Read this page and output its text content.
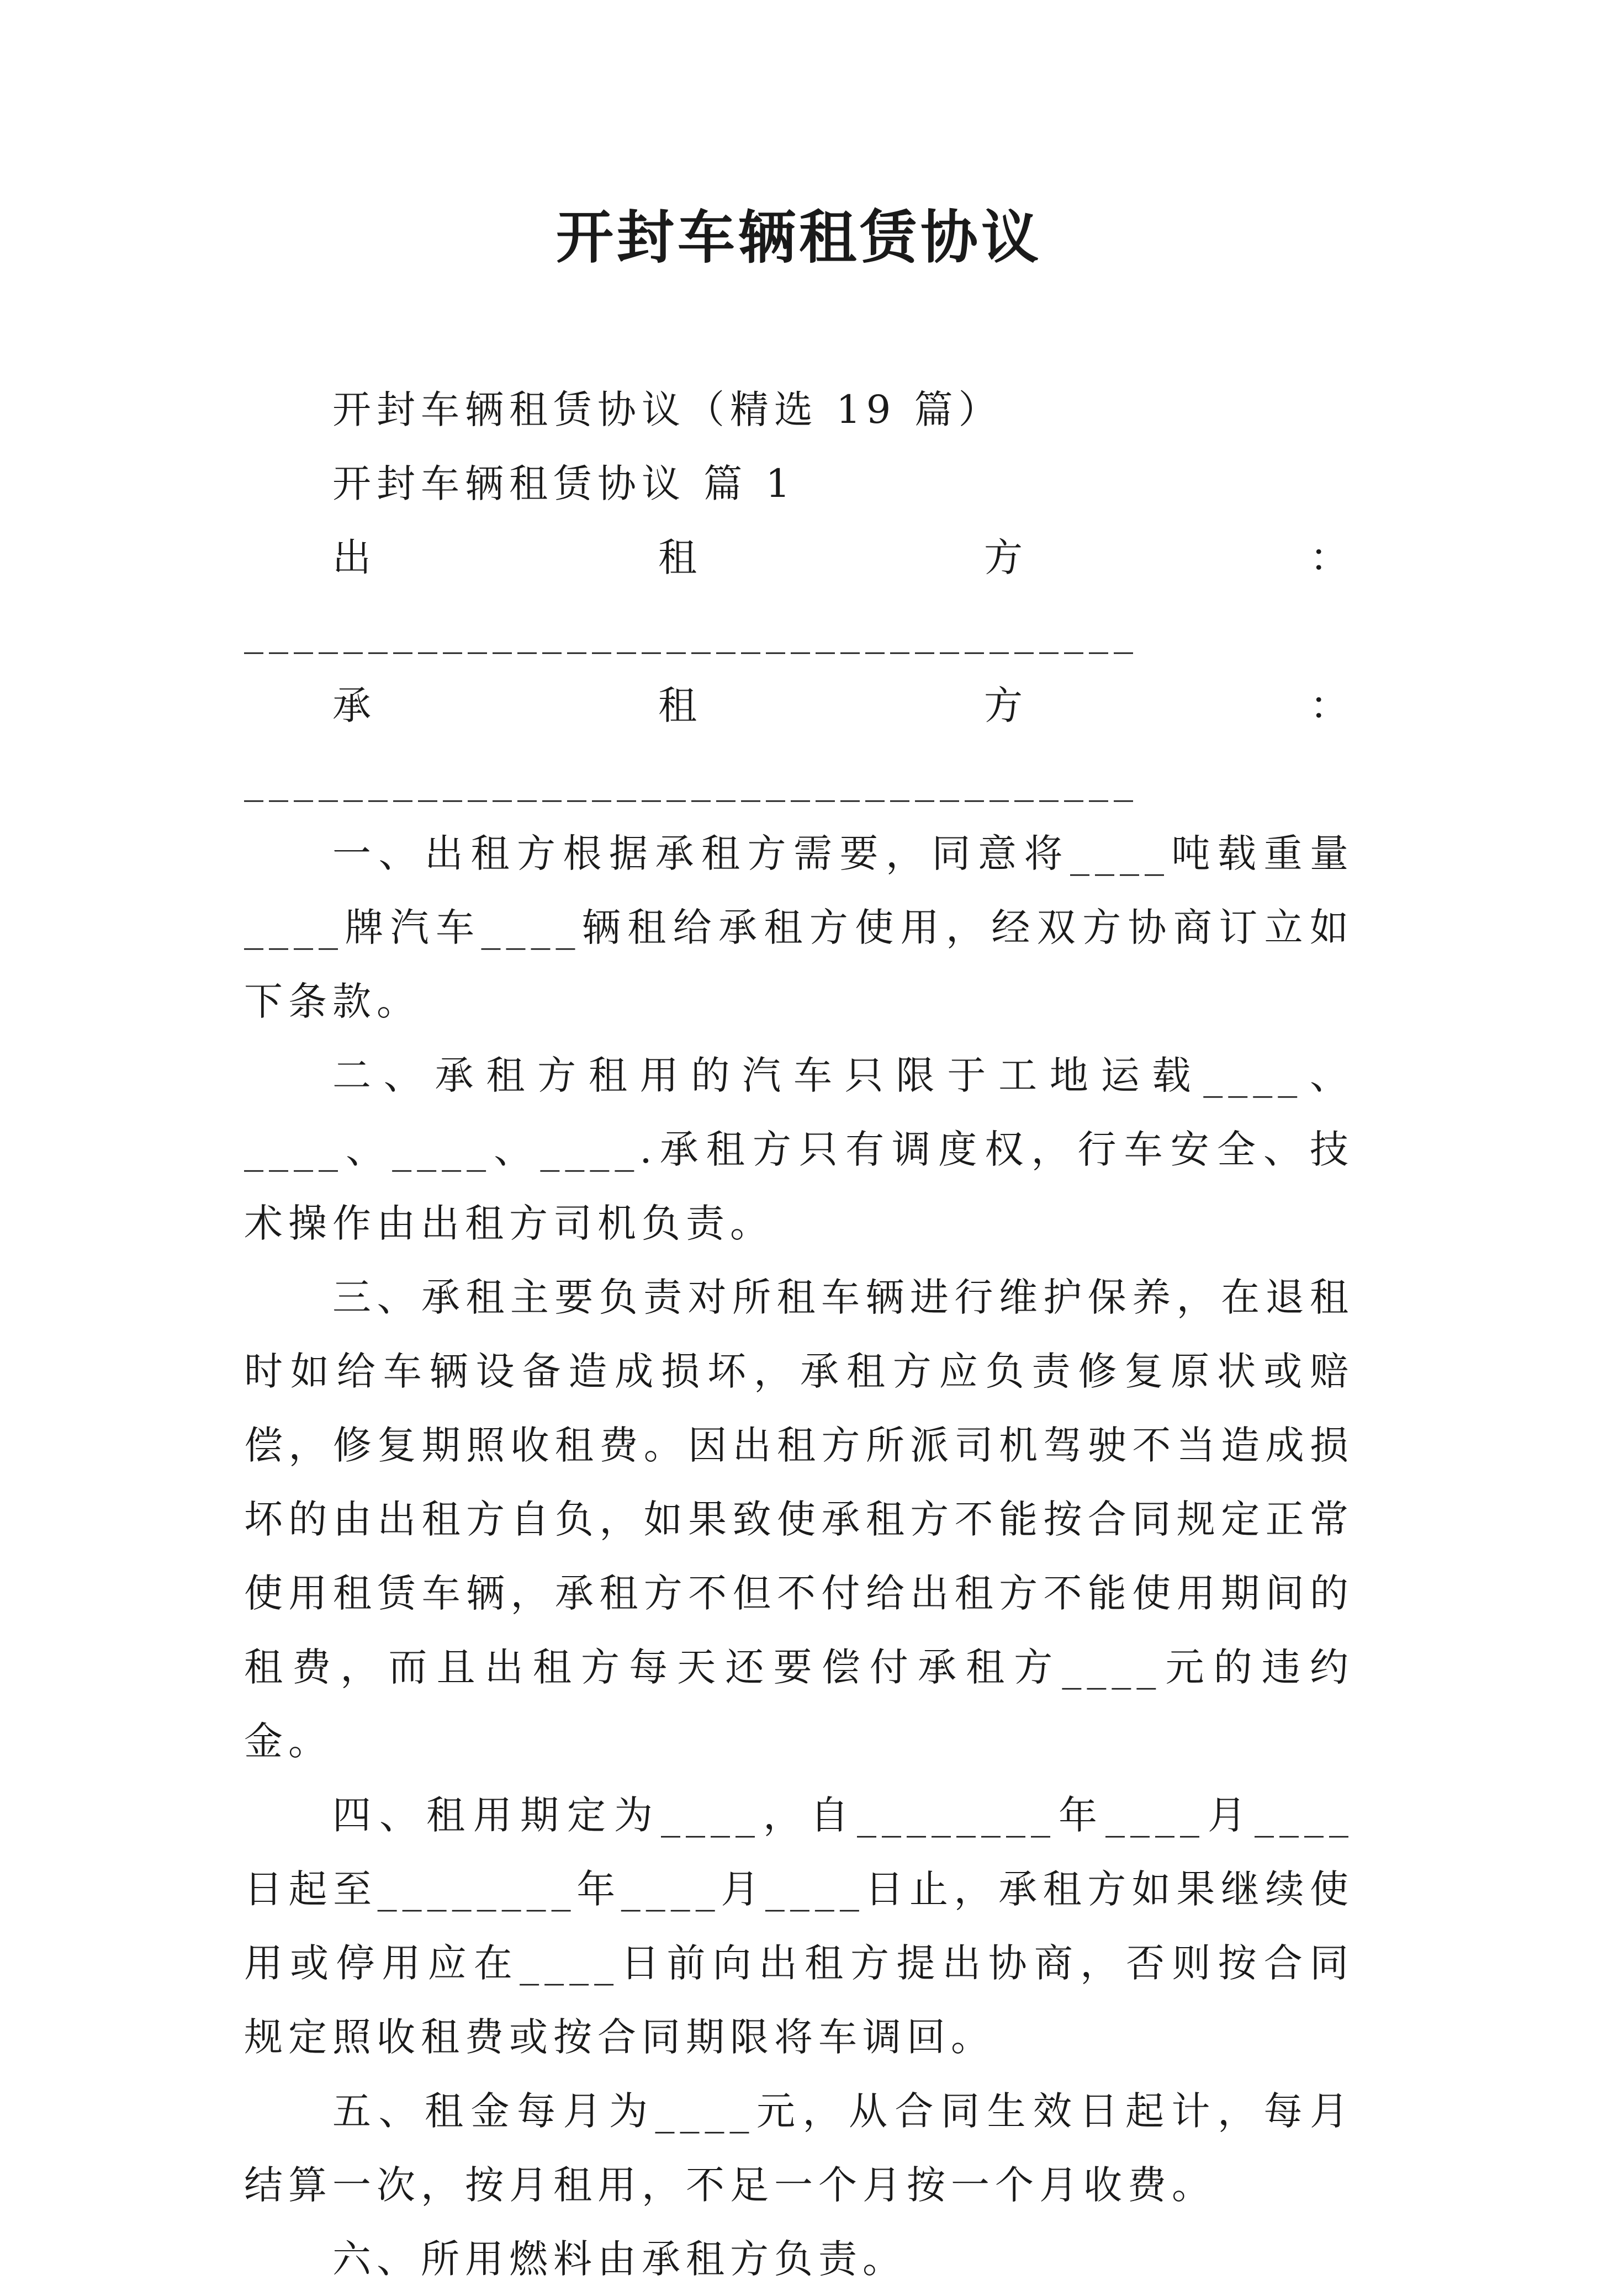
开封车辆租赁协议

开封车辆租赁协议（精选 19 篇）

开封车辆租赁协议 篇 1

出租方：____________________________________

承租方：____________________________________

一、出租方根据承租方需要，同意将____吨载重量____牌汽车____辆租给承租方使用，经双方协商订立如下条款。

二、承租方租用的汽车只限于工地运载____、____、____、____.承租方只有调度权，行车安全、技术操作由出租方司机负责。

三、承租主要负责对所租车辆进行维护保养，在退租时如给车辆设备造成损坏，承租方应负责修复原状或赔偿，修复期照收租费。因出租方所派司机驾驶不当造成损坏的由出租方自负，如果致使承租方不能按合同规定正常使用租赁车辆，承租方不但不付给出租方不能使用期间的租费，而且出租方每天还要偿付承租方____元的违约金。

四、租用期定为____，自________年____月____日起至________年____月____日止，承租方如果继续使用或停用应在____日前向出租方提出协商，否则按合同规定照收租费或按合同期限将车调回。

五、租金每月为____元，从合同生效日起计，每月结算一次，按月租用，不足一个月按一个月收费。

六、所用燃料由承租方负责。
